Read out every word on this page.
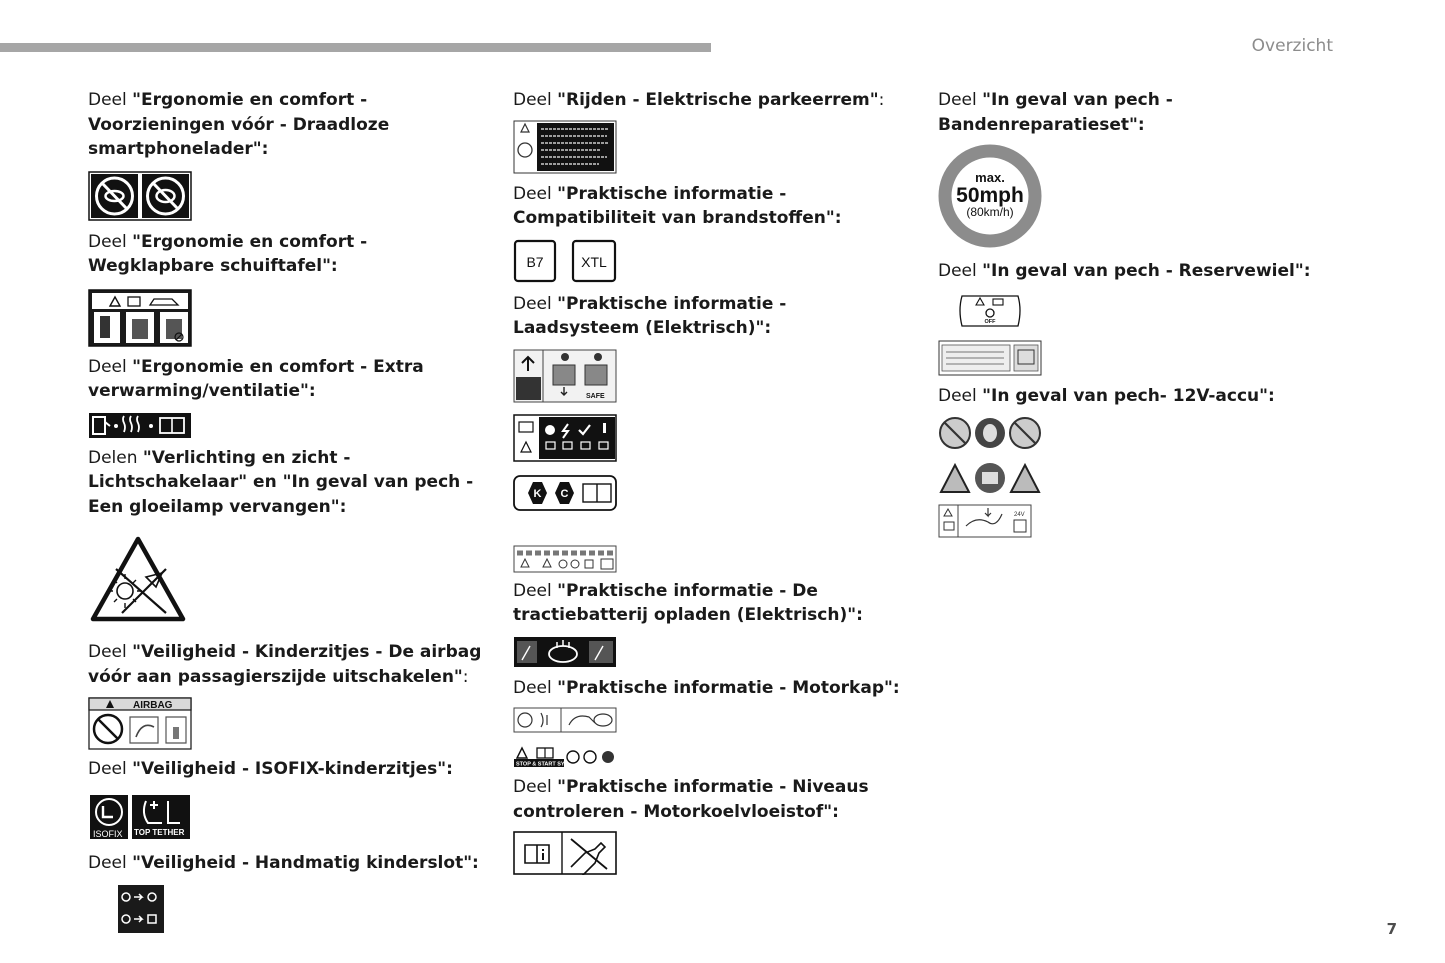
Overzicht
7

Deel "Ergonomie en comfort - Voorzieningen vóór - Draadloze smartphonelader":

Deel "Ergonomie en comfort - Wegklapbare schuiftafel":

Deel "Ergonomie en comfort - Extra verwarming/ventilatie":

Delen "Verlichting en zicht - Lichtschakelaar" en "In geval van pech - Een gloeilamp vervangen":

Deel "Veiligheid - Kinderzitjes - De airbag vóór aan passagierszijde uitschakelen":

AIRBAG

Deel "Veiligheid - ISOFIX-kinderzitjes":

ISOFIX TOP TETHER

Deel "Veiligheid - Handmatig kinderslot":

Deel "Rijden - Elektrische parkeerrem":

Deel "Praktische informatie - Compatibiliteit van brandstoffen":

B7	XTL

Deel "Praktische informatie - Laadsysteem (Elektrisch)":

SAFE
K C

Deel "Praktische informatie - De tractiebatterij opladen (Elektrisch)":

Deel "Praktische informatie - Motorkap":

STOP & START SYSTEM

Deel "Praktische informatie - Niveaus controleren - Motorkoelvloeistof":

Deel "In geval van pech - Bandenreparatieset":

max.
50mph
(80km/h)

Deel "In geval van pech - Reservewiel":

OFF

Deel "In geval van pech- 12V-accu":

24V
